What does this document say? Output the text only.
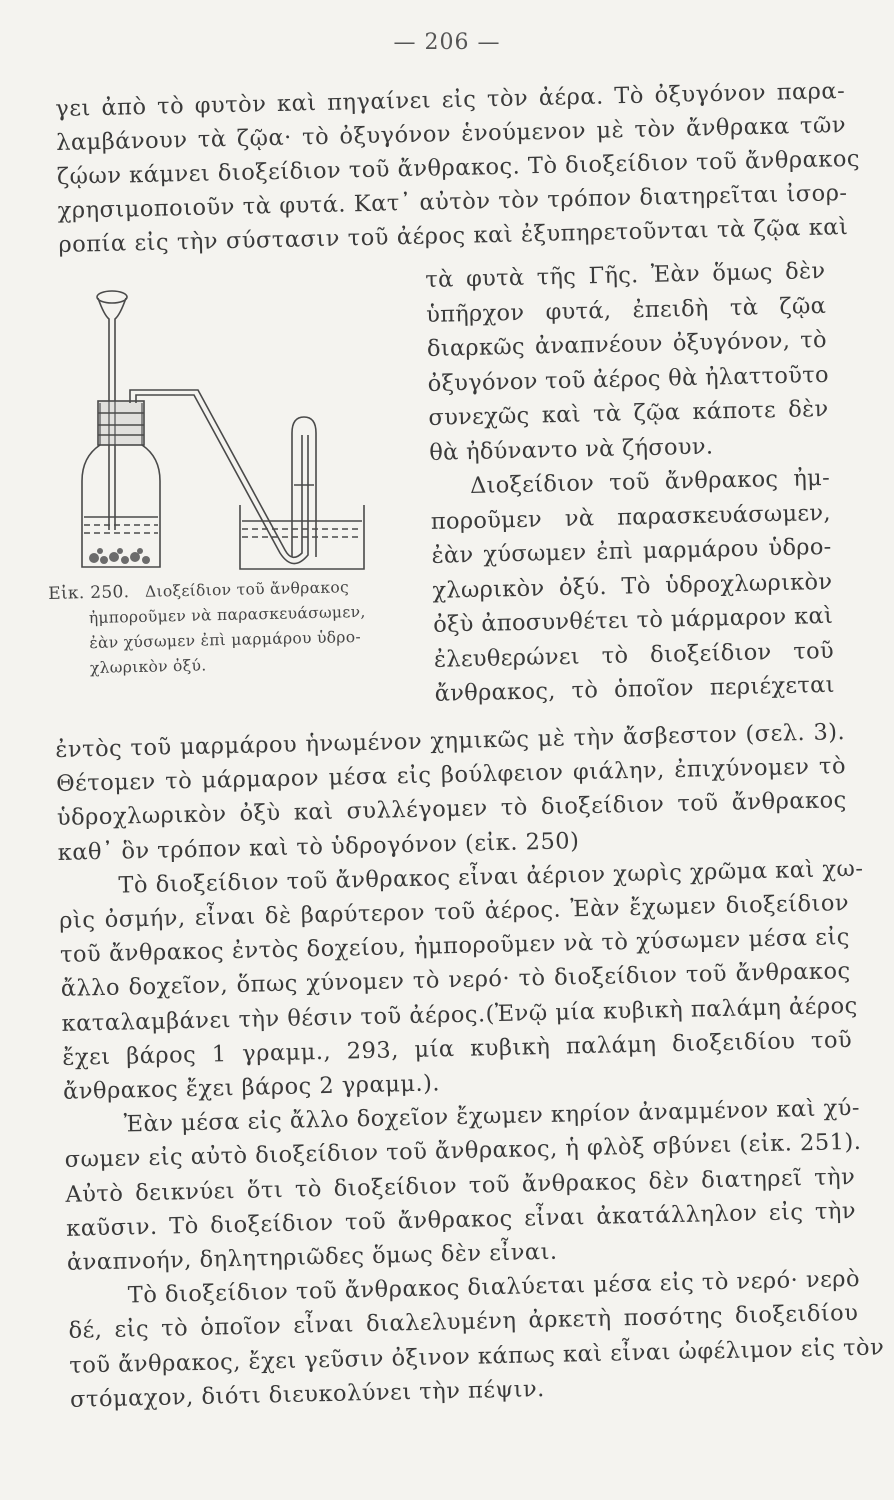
— 206 —
γει ἀπὸ τὸ φυτὸν καὶ πηγαίνει εἰς τὸν ἀέρα. Τὸ ὀξυγόνον παρα-
λαμβάνουν τὰ ζῷα· τὸ ὀξυγόνον ἑνούμενον μὲ τὸν ἄνθρακα τῶν
ζῴων κάμνει διοξείδιον τοῦ ἄνθρακος. Τὸ διοξείδιον τοῦ ἄνθρακος
χρησιμοποιοῦν τὰ φυτά. Κατ᾽ αὐτὸν τὸν τρόπον διατηρεῖται ἰσορ-
ροπία εἰς τὴν σύστασιν τοῦ ἀέρος καὶ ἐξυπηρετοῦνται τὰ ζῷα καὶ
τὰ φυτὰ τῆς Γῆς. Ἐὰν ὅμως δὲν
ὑπῆρχον φυτά, ἐπειδὴ τὰ ζῷα
διαρκῶς ἀναπνέουν ὀξυγόνον, τὸ
ὀξυγόνον τοῦ ἀέρος θὰ ἠλαττοῦτο
συνεχῶς καὶ τὰ ζῷα κάποτε δὲν
θὰ ἠδύναντο νὰ ζήσουν.
Διοξείδιον τοῦ ἄνθρακος ἠμ-
ποροῦμεν νὰ παρασκευάσωμεν,
ἐὰν χύσωμεν ἐπὶ μαρμάρου ὑδρο-
χλωρικὸν ὀξύ. Τὸ ὑδροχλωρικὸν
ὀξὺ ἀποσυνθέτει τὸ μάρμαρον καὶ
ἐλευθερώνει τὸ διοξείδιον τοῦ
ἄνθρακος, τὸ ὁποῖον περιέχεται
Εἰκ. 250. Διοξείδιον τοῦ ἄνθρακος
ἠμποροῦμεν νὰ παρασκευάσωμεν,
ἐὰν χύσωμεν ἐπὶ μαρμάρου ὑδρο-
χλωρικὸν ὀξύ.
ἐντὸς τοῦ μαρμάρου ἡνωμένον χημικῶς μὲ τὴν ἄσβεστον (σελ. 3).
Θέτομεν τὸ μάρμαρον μέσα εἰς βούλφειον φιάλην, ἐπιχύνομεν τὸ
ὑδροχλωρικὸν ὀξὺ καὶ συλλέγομεν τὸ διοξείδιον τοῦ ἄνθρακος
καθ᾽ ὃν τρόπον καὶ τὸ ὑδρογόνον (εἰκ. 250)
Τὸ διοξείδιον τοῦ ἄνθρακος εἶναι ἀέριον χωρὶς χρῶμα καὶ χω-
ρὶς ὀσμήν, εἶναι δὲ βαρύτερον τοῦ ἀέρος. Ἐὰν ἔχωμεν διοξείδιον
τοῦ ἄνθρακος ἐντὸς δοχείου, ἠμποροῦμεν νὰ τὸ χύσωμεν μέσα εἰς
ἄλλο δοχεῖον, ὅπως χύνομεν τὸ νερό· τὸ διοξείδιον τοῦ ἄνθρακος
καταλαμβάνει τὴν θέσιν τοῦ ἀέρος.(Ἐνῷ μία κυβικὴ παλάμη ἀέρος
ἔχει βάρος 1 γραμμ., 293, μία κυβικὴ παλάμη διοξειδίου τοῦ
ἄνθρακος ἔχει βάρος 2 γραμμ.).
Ἐὰν μέσα εἰς ἄλλο δοχεῖον ἔχωμεν κηρίον ἀναμμένον καὶ χύ-
σωμεν εἰς αὐτὸ διοξείδιον τοῦ ἄνθρακος, ἡ φλὸξ σβύνει (εἰκ. 251).
Αὐτὸ δεικνύει ὅτι τὸ διοξείδιον τοῦ ἄνθρακος δὲν διατηρεῖ τὴν
καῦσιν. Τὸ διοξείδιον τοῦ ἄνθρακος εἶναι ἀκατάλληλον εἰς τὴν
ἀναπνοήν, δηλητηριῶδες ὅμως δὲν εἶναι.
Τὸ διοξείδιον τοῦ ἄνθρακος διαλύεται μέσα εἰς τὸ νερό· νερὸ
δέ, εἰς τὸ ὁποῖον εἶναι διαλελυμένη ἀρκετὴ ποσότης διοξειδίου
τοῦ ἄνθρακος, ἔχει γεῦσιν ὀξινον κάπως καὶ εἶναι ὠφέλιμον εἰς τὸν
στόμαχον, διότι διευκολύνει τὴν πέψιν.
